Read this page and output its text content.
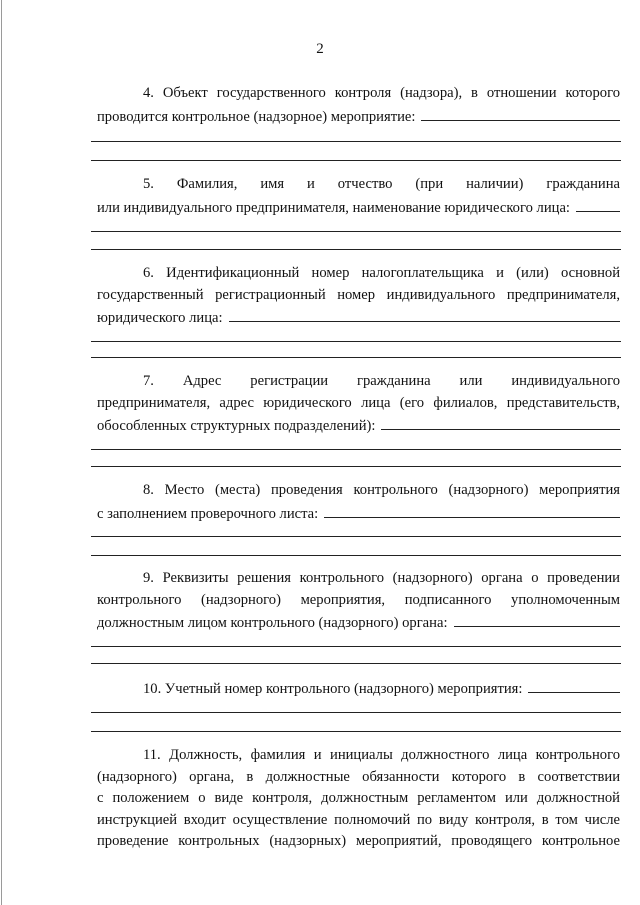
2
4. Объект государственного контроля (надзора), в отношении которого
проводится контрольное (надзорное) мероприятие:
5. Фамилия, имя и отчество (при наличии) гражданина
или индивидуального предпринимателя, наименование юридического лица:
6. Идентификационный номер налогоплательщика и (или) основной
государственный регистрационный номер индивидуального предпринимателя,
юридического лица:
7. Адрес регистрации гражданина или индивидуального
предпринимателя, адрес юридического лица (его филиалов, представительств,
обособленных структурных подразделений):
8. Место (места) проведения контрольного (надзорного) мероприятия
с заполнением проверочного листа:
9. Реквизиты решения контрольного (надзорного) органа о проведении
контрольного (надзорного) мероприятия, подписанного уполномоченным
должностным лицом контрольного (надзорного) органа:
10. Учетный номер контрольного (надзорного) мероприятия:
11. Должность, фамилия и инициалы должностного лица контрольного
(надзорного) органа, в должностные обязанности которого в соответствии
с положением о виде контроля, должностным регламентом или должностной
инструкцией входит осуществление полномочий по виду контроля, в том числе
проведение контрольных (надзорных) мероприятий, проводящего контрольное
